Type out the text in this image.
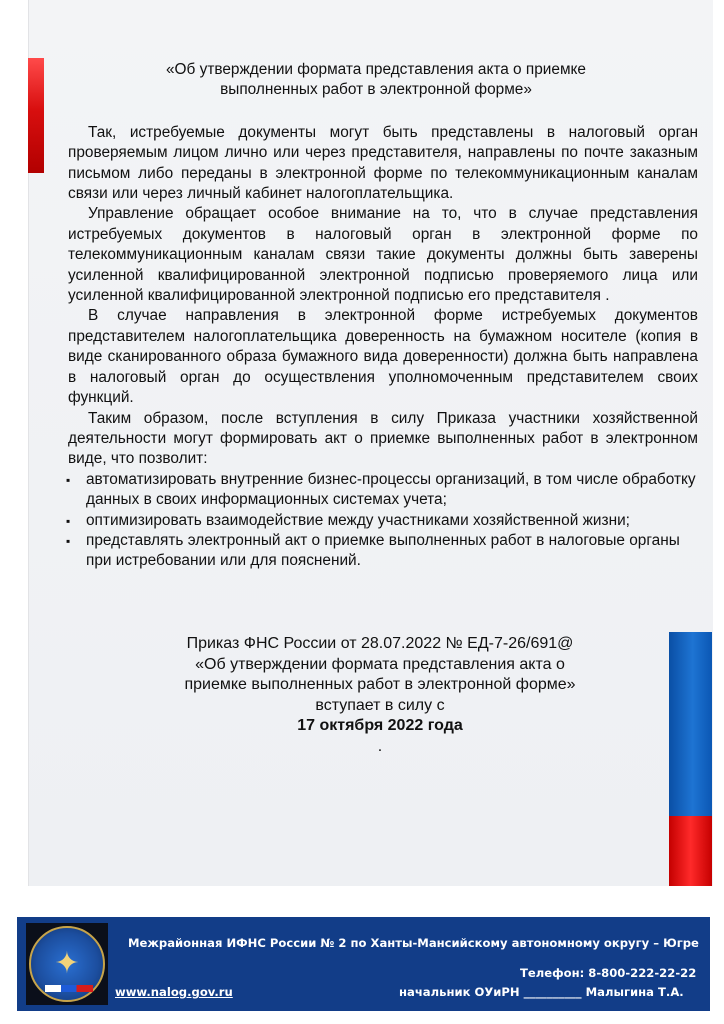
«Об утверждении формата представления акта о приемке
выполненных работ в электронной форме»

Так, истребуемые документы могут быть представлены в налоговый орган проверяемым лицом лично или через представителя, направлены по почте заказным письмом либо переданы в электронной форме по телекоммуникационным каналам связи или через личный кабинет налогоплательщика.

Управление обращает особое внимание на то, что в случае представления истребуемых документов в налоговый орган в электронной форме по телекоммуникационным каналам связи такие документы должны быть заверены усиленной квалифицированной электронной подписью проверяемого лица или усиленной квалифицированной электронной подписью его представителя .

В случае направления в электронной форме истребуемых документов представителем налогоплательщика доверенность на бумажном носителе (копия в виде сканированного образа бумажного вида доверенности) должна быть направлена в налоговый орган до осуществления уполномоченным представителем своих функций.

Таким образом, после вступления в силу Приказа участники хозяйственной деятельности могут формировать акт о приемке выполненных работ в электронном виде, что позволит:

▪ автоматизировать внутренние бизнес-процессы организаций, в том числе обработку данных в своих информационных системах учета;
▪ оптимизировать взаимодействие между участниками хозяйственной жизни;
▪ представлять электронный акт о приемке выполненных работ в налоговые органы при истребовании или для пояснений.
Приказ ФНС России от 28.07.2022 № ЕД-7-26/691@
«Об утверждении формата представления акта о
приемке выполненных работ в электронной форме»
вступает в силу с
17 октября 2022 года
.
✦
Межрайонная ИФНС России № 2 по Ханты-Мансийскому автономному округу – Югре
Телефон: 8-800-222-22-22
www.nalog.gov.ru	начальник ОУиРН __________ Малыгина Т.А.
